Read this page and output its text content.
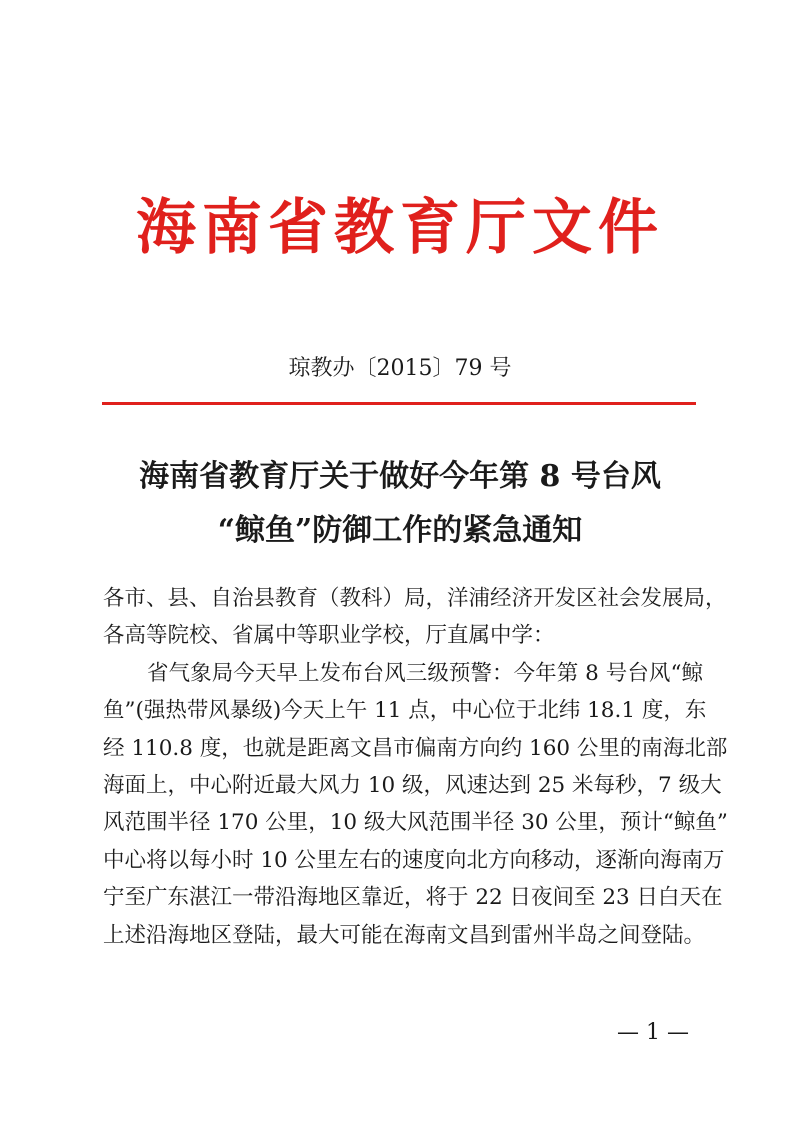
海南省教育厅文件
琼教办〔2015〕79 号
海南省教育厅关于做好今年第 8 号台风
“鲸鱼”防御工作的紧急通知

各市、县、自治县教育（教科）局，洋浦经济开发区社会发展局，
各高等院校、省属中等职业学校，厅直属中学：

省气象局今天早上发布台风三级预警：今年第 8 号台风“鲸
鱼”(强热带风暴级)今天上午 11 点，中心位于北纬 18.1 度，东
经 110.8 度，也就是距离文昌市偏南方向约 160 公里的南海北部
海面上，中心附近最大风力 10 级，风速达到 25 米每秒，7 级大
风范围半径 170 公里，10 级大风范围半径 30 公里，预计“鲸鱼”
中心将以每小时 10 公里左右的速度向北方向移动，逐渐向海南万
宁至广东湛江一带沿海地区靠近，将于 22 日夜间至 23 日白天在
上述沿海地区登陆，最大可能在海南文昌到雷州半岛之间登陆。

— 1 —
